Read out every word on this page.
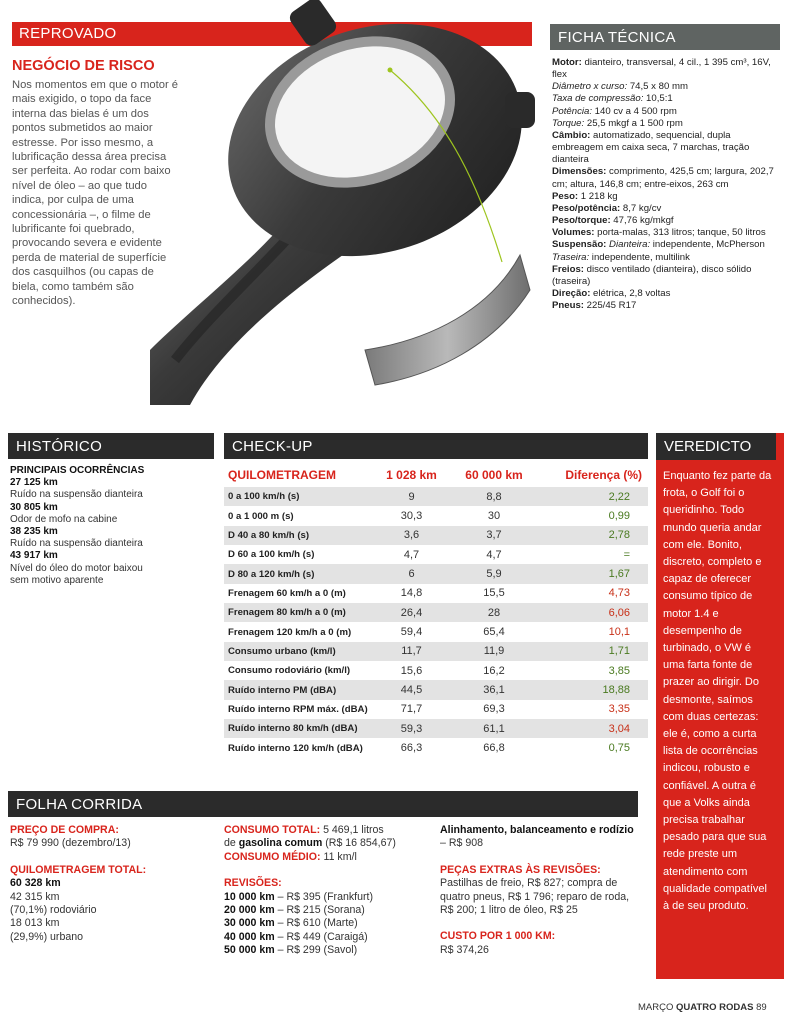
REPROVADO
NEGÓCIO DE RISCO
Nos momentos em que o motor é mais exigido, o topo da face interna das bielas é um dos pontos submetidos ao maior estresse. Por isso mesmo, a lubrificação dessa área precisa ser perfeita. Ao rodar com baixo nível de óleo – ao que tudo indica, por culpa de uma concessionária –, o filme de lubrificante foi quebrado, provocando severa e evidente perda de material de superfície dos casquilhos (ou capas de biela, como também são conhecidos).
FICHA TÉCNICA
Motor: dianteiro, transversal, 4 cil., 1 395 cm³, 16V, flex
Diâmetro x curso: 74,5 x 80 mm
Taxa de compressão: 10,5:1
Potência: 140 cv a 4 500 rpm
Torque: 25,5 mkgf a 1 500 rpm
Câmbio: automatizado, sequencial, dupla embreagem em caixa seca, 7 marchas, tração dianteira
Dimensões: comprimento, 425,5 cm; largura, 202,7 cm; altura, 146,8 cm; entre-eixos, 263 cm
Peso: 1 218 kg
Peso/potência: 8,7 kg/cv
Peso/torque: 47,76 kg/mkgf
Volumes: porta-malas, 313 litros; tanque, 50 litros
Suspensão: Dianteira: independente, McPherson
Traseira: independente, multilink
Freios: disco ventilado (dianteira), disco sólido (traseira)
Direção: elétrica, 2,8 voltas
Pneus: 225/45 R17
HISTÓRICO
PRINCIPAIS OCORRÊNCIAS
27 125 km
Ruído na suspensão dianteira
30 805 km
Odor de mofo na cabine
38 235 km
Ruído na suspensão dianteira
43 917 km
Nível do óleo do motor baixou sem motivo aparente
CHECK-UP
QUILOMETRAGEM	1 028 km	60 000 km	Diferença (%)
0 a 100 km/h (s)	9	8,8	2,22
0 a 1 000 m (s)	30,3	30	0,99
D 40 a 80 km/h (s)	3,6	3,7	2,78
D 60 a 100 km/h (s)	4,7	4,7	=
D 80 a 120 km/h (s)	6	5,9	1,67
Frenagem 60 km/h a 0 (m)	14,8	15,5	4,73
Frenagem 80 km/h a 0 (m)	26,4	28	6,06
Frenagem 120 km/h a 0 (m)	59,4	65,4	10,1
Consumo urbano (km/l)	11,7	11,9	1,71
Consumo rodoviário (km/l)	15,6	16,2	3,85
Ruído interno PM (dBA)	44,5	36,1	18,88
Ruído interno RPM máx. (dBA)	71,7	69,3	3,35
Ruído interno 80 km/h (dBA)	59,3	61,1	3,04
Ruído interno 120 km/h (dBA)	66,3	66,8	0,75
VEREDICTO
Enquanto fez parte da frota, o Golf foi o queridinho. Todo mundo queria andar com ele. Bonito, discreto, completo e capaz de oferecer consumo típico de motor 1.4 e desempenho de turbinado, o VW é uma farta fonte de prazer ao dirigir. Do desmonte, saímos com duas certezas: ele é, como a curta lista de ocorrências indicou, robusto e confiável. A outra é que a Volks ainda precisa trabalhar pesado para que sua rede preste um atendimento com qualidade compatível à de seu produto.
FOLHA CORRIDA
PREÇO DE COMPRA:
R$ 79 990 (dezembro/13)
QUILOMETRAGEM TOTAL:
60 328 km
42 315 km
(70,1%) rodoviário
18 013 km
(29,9%) urbano
CONSUMO TOTAL: 5 469,1 litros
de gasolina comum (R$ 16 854,67)
CONSUMO MÉDIO: 11 km/l
REVISÕES:
10 000 km – R$ 395 (Frankfurt)
20 000 km – R$ 215 (Sorana)
30 000 km – R$ 610 (Marte)
40 000 km – R$ 449 (Caraigá)
50 000 km – R$ 299 (Savol)
Alinhamento, balanceamento e rodízio – R$ 908
PEÇAS EXTRAS ÀS REVISÕES:
Pastilhas de freio, R$ 827; compra de quatro pneus, R$ 1 796; reparo de roda, R$ 200; 1 litro de óleo, R$ 25
CUSTO POR 1 000 KM:
R$ 374,26
MARÇO QUATRO RODAS 89
